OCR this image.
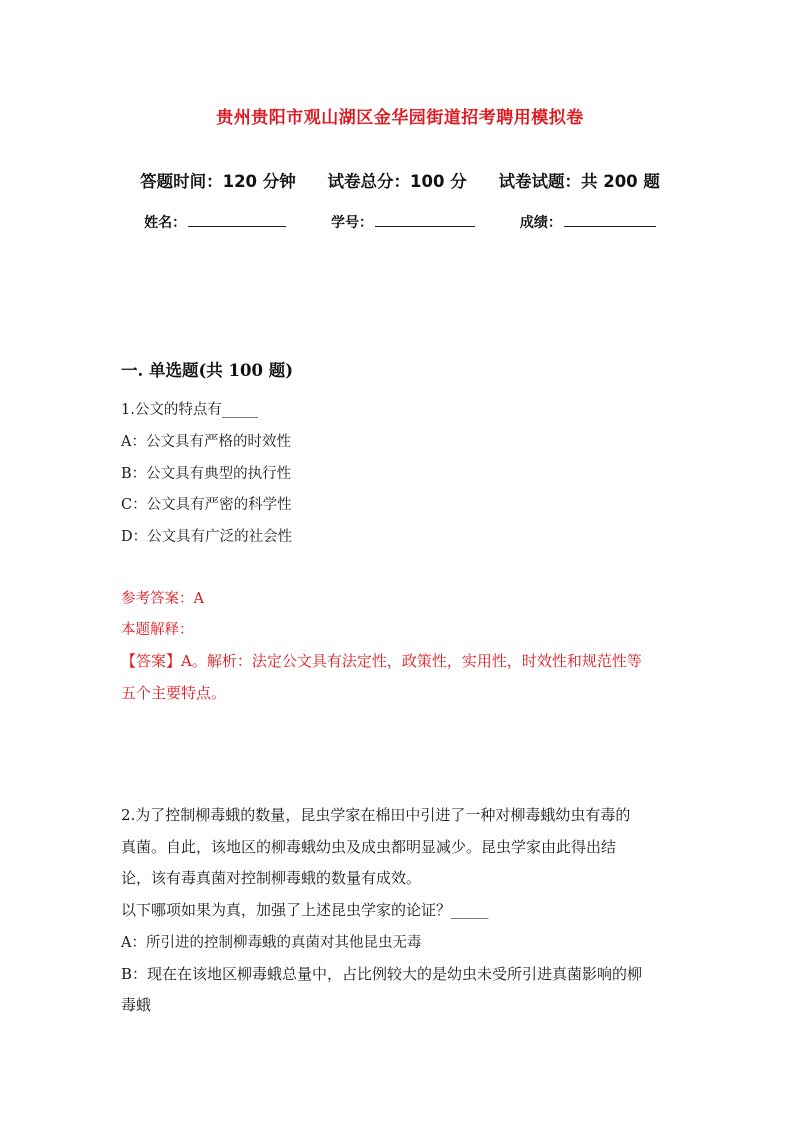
贵州贵阳市观山湖区金华园街道招考聘用模拟卷
答题时间：120 分钟 试卷总分：100 分 试卷试题：共 200 题
姓名：	学号：	成绩：
一. 单选题(共 100 题)
1.公文的特点有_____
A：公文具有严格的时效性
B：公文具有典型的执行性
C：公文具有严密的科学性
D：公文具有广泛的社会性
参考答案：A
本题解释：
【答案】A。解析：法定公文具有法定性，政策性，实用性，时效性和规范性等
五个主要特点。
2.为了控制柳毒蛾的数量，昆虫学家在棉田中引进了一种对柳毒蛾幼虫有毒的
真菌。自此，该地区的柳毒蛾幼虫及成虫都明显减少。昆虫学家由此得出结
论，该有毒真菌对控制柳毒蛾的数量有成效。
以下哪项如果为真，加强了上述昆虫学家的论证？_____
A：所引进的控制柳毒蛾的真菌对其他昆虫无毒
B：现在在该地区柳毒蛾总量中，占比例较大的是幼虫未受所引进真菌影响的柳
毒蛾
